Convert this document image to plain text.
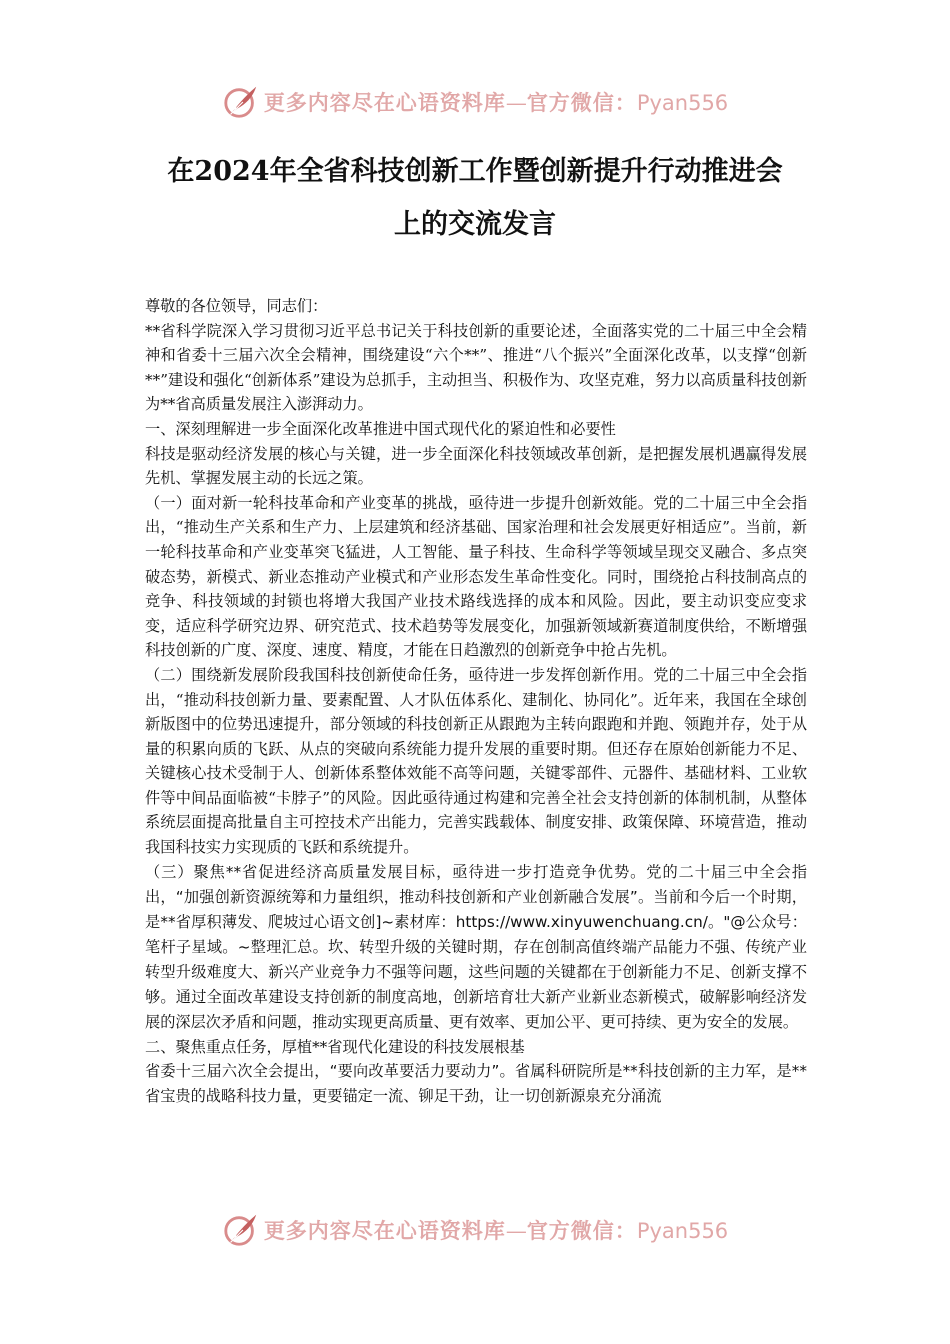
更多内容尽在心语资料库—官方微信：Pyan556
在2024年全省科技创新工作暨创新提升行动推进会
上的交流发言

尊敬的各位领导，同志们：

**省科学院深入学习贯彻习近平总书记关于科技创新的重要论述，全面落实党的二十届三中全会精神和省委十三届六次全会精神，围绕建设“六个**”、推进“八个振兴”全面深化改革，以支撑“创新**”建设和强化“创新体系”建设为总抓手，主动担当、积极作为、攻坚克难，努力以高质量科技创新为**省高质量发展注入澎湃动力。

一、深刻理解进一步全面深化改革推进中国式现代化的紧迫性和必要性

科技是驱动经济发展的核心与关键，进一步全面深化科技领域改革创新，是把握发展机遇赢得发展先机、掌握发展主动的长远之策。

（一）面对新一轮科技革命和产业变革的挑战，亟待进一步提升创新效能。党的二十届三中全会指出，“推动生产关系和生产力、上层建筑和经济基础、国家治理和社会发展更好相适应”。当前，新一轮科技革命和产业变革突飞猛进，人工智能、量子科技、生命科学等领域呈现交叉融合、多点突破态势，新模式、新业态推动产业模式和产业形态发生革命性变化。同时，围绕抢占科技制高点的竞争、科技领域的封锁也将增大我国产业技术路线选择的成本和风险。因此，要主动识变应变求变，适应科学研究边界、研究范式、技术趋势等发展变化，加强新领域新赛道制度供给，不断增强科技创新的广度、深度、速度、精度，才能在日趋激烈的创新竞争中抢占先机。

（二）围绕新发展阶段我国科技创新使命任务，亟待进一步发挥创新作用。党的二十届三中全会指出，“推动科技创新力量、要素配置、人才队伍体系化、建制化、协同化”。近年来，我国在全球创新版图中的位势迅速提升，部分领域的科技创新正从跟跑为主转向跟跑和并跑、领跑并存，处于从量的积累向质的飞跃、从点的突破向系统能力提升发展的重要时期。但还存在原始创新能力不足、关键核心技术受制于人、创新体系整体效能不高等问题，关键零部件、元器件、基础材料、工业软件等中间品面临被“卡脖子”的风险。因此亟待通过构建和完善全社会支持创新的体制机制，从整体系统层面提高批量自主可控技术产出能力，完善实践载体、制度安排、政策保障、环境营造，推动我国科技实力实现质的飞跃和系统提升。

（三）聚焦**省促进经济高质量发展目标，亟待进一步打造竞争优势。党的二十届三中全会指出，“加强创新资源统筹和力量组织，推动科技创新和产业创新融合发展”。当前和今后一个时期，是**省厚积薄发、爬坡过心语文创]~素材库：https://www.xinyuwenchuang.cn/。"@公众号：笔杆子星域。~整理汇总。坎、转型升级的关键时期，存在创制高值终端产品能力不强、传统产业转型升级难度大、新兴产业竞争力不强等问题，这些问题的关键都在于创新能力不足、创新支撑不够。通过全面改革建设支持创新的制度高地，创新培育壮大新产业新业态新模式，破解影响经济发展的深层次矛盾和问题，推动实现更高质量、更有效率、更加公平、更可持续、更为安全的发展。

二、聚焦重点任务，厚植**省现代化建设的科技发展根基

省委十三届六次全会提出，“要向改革要活力要动力”。省属科研院所是**科技创新的主力军，是**省宝贵的战略科技力量，更要锚定一流、铆足干劲，让一切创新源泉充分涌流

更多内容尽在心语资料库—官方微信：Pyan556
